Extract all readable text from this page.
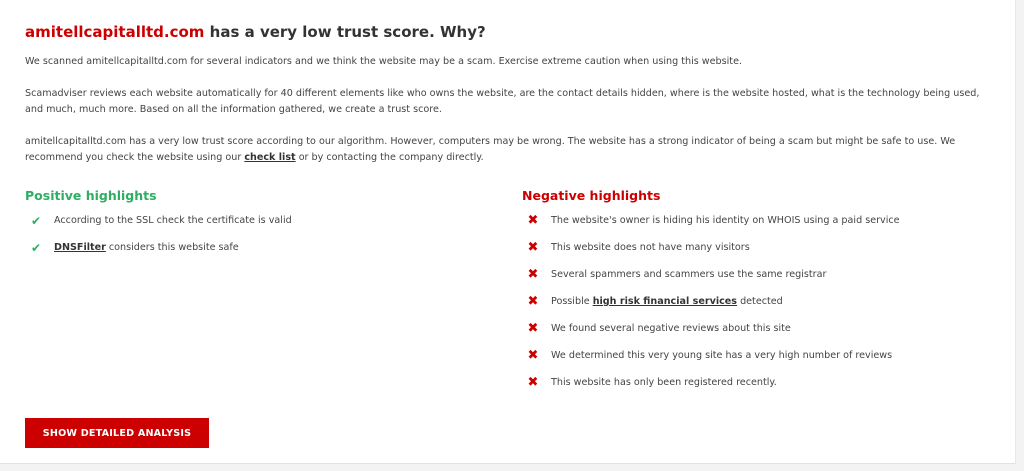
amitellcapitalltd.com has a very low trust score. Why?

We scanned amitellcapitalltd.com for several indicators and we think the website may be a scam. Exercise extreme caution when using this website.

Scamadviser reviews each website automatically for 40 different elements like who owns the website, are the contact details hidden, where is the website hosted, what is the technology being used, and much, much more. Based on all the information gathered, we create a trust score.

amitellcapitalltd.com has a very low trust score according to our algorithm. However, computers may be wrong. The website has a strong indicator of being a scam but might be safe to use. We recommend you check the website using our check list or by contacting the company directly.

Positive highlights
✔ According to the SSL check the certificate is valid
✔ DNSFilter considers this website safe
Negative highlights
✖ The website's owner is hiding his identity on WHOIS using a paid service
✖ This website does not have many visitors
✖ Several spammers and scammers use the same registrar
✖ Possible high risk financial services detected
✖ We found several negative reviews about this site
✖ We determined this very young site has a very high number of reviews
✖ This website has only been registered recently.
SHOW DETAILED ANALYSIS
